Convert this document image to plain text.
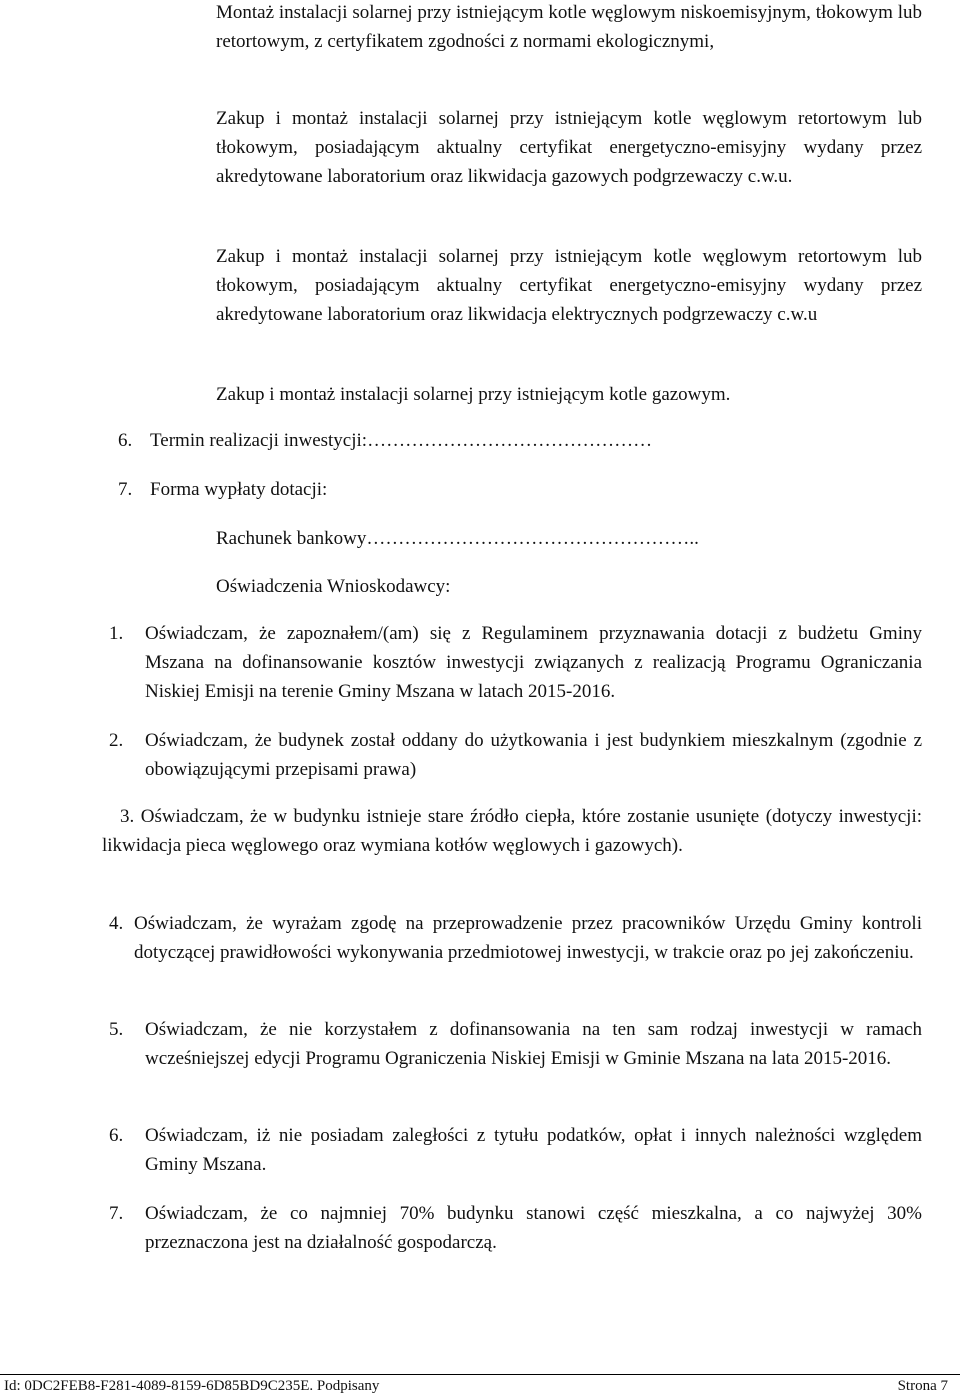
Montaż instalacji solarnej przy istniejącym kotle węglowym niskoemisyjnym, tłokowym lub retortowym, z certyfikatem zgodności z normami ekologicznymi,

Zakup i montaż instalacji solarnej przy istniejącym kotle węglowym retortowym lub tłokowym, posiadającym aktualny certyfikat energetyczno-emisyjny wydany przez akredytowane laboratorium oraz likwidacja gazowych podgrzewaczy c.w.u.

Zakup i montaż instalacji solarnej przy istniejącym kotle węglowym retortowym lub tłokowym, posiadającym aktualny certyfikat energetyczno-emisyjny wydany przez akredytowane laboratorium oraz likwidacja elektrycznych podgrzewaczy c.w.u

Zakup i montaż instalacji solarnej przy istniejącym kotle gazowym.

6. Termin realizacji inwestycji:………………………………………
7. Forma wypłaty dotacji:
Rachunek bankowy……………………………………………..
Oświadczenia Wnioskodawcy:
1. Oświadczam, że zapoznałem/(am) się z Regulaminem przyznawania dotacji z budżetu Gminy Mszana na dofinansowanie kosztów inwestycji związanych z realizacją Programu Ograniczania Niskiej Emisji na terenie Gminy Mszana w latach 2015-2016.

2. Oświadczam, że budynek został oddany do użytkowania i jest budynkiem mieszkalnym (zgodnie z obowiązującymi przepisami prawa)

3. Oświadczam, że w budynku istnieje stare źródło ciepła, które zostanie usunięte (dotyczy inwestycji: likwidacja pieca węglowego oraz wymiana kotłów węglowych i gazowych).

4. Oświadczam, że wyrażam zgodę na przeprowadzenie przez pracowników Urzędu Gminy kontroli dotyczącej prawidłowości wykonywania przedmiotowej inwestycji, w trakcie oraz po jej zakończeniu.

5. Oświadczam, że nie korzystałem z dofinansowania na ten sam rodzaj inwestycji w ramach wcześniejszej edycji Programu Ograniczenia Niskiej Emisji w Gminie Mszana na lata 2015-2016.

6. Oświadczam, iż nie posiadam zaległości z tytułu podatków, opłat i innych należności względem Gminy Mszana.

7. Oświadczam, że co najmniej 70% budynku stanowi część mieszkalna, a co najwyżej 30% przeznaczona jest na działalność gospodarczą.

Id: 0DC2FEB8-F281-4089-8159-6D85BD9C235E. Podpisany	Strona 7
